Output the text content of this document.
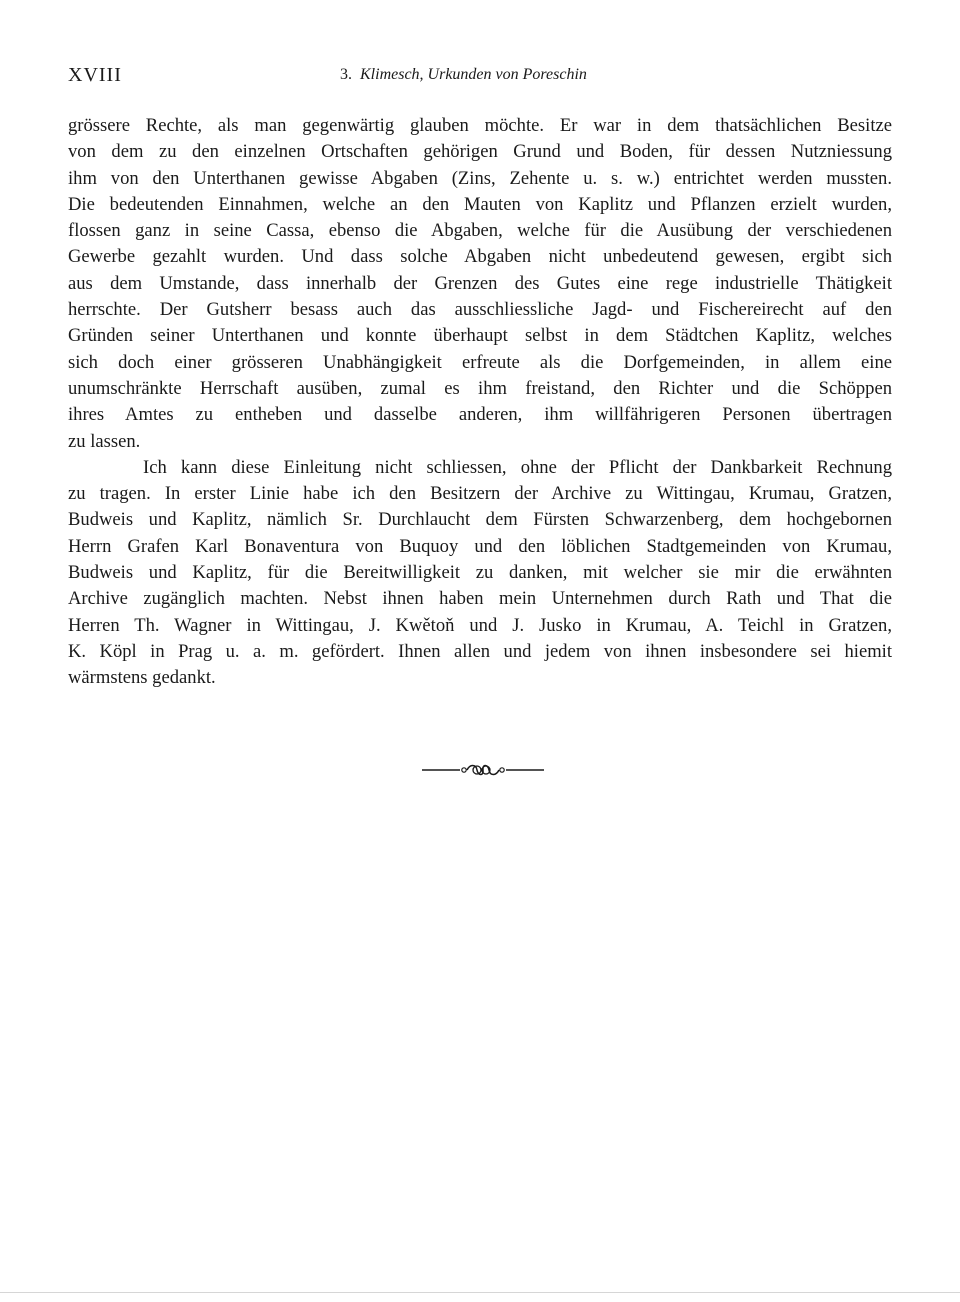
XVIII	3. Klimesch, Urkunden von Poreschin
grössere Rechte, als man gegenwärtig glauben möchte. Er war in dem thatsächlichen Besitze
von dem zu den einzelnen Ortschaften gehörigen Grund und Boden, für dessen Nutzniessung
ihm von den Unterthanen gewisse Abgaben (Zins, Zehente u. s. w.) entrichtet werden mussten.
Die bedeutenden Einnahmen, welche an den Mauten von Kaplitz und Pflanzen erzielt wurden,
flossen ganz in seine Cassa, ebenso die Abgaben, welche für die Ausübung der verschiedenen
Gewerbe gezahlt wurden. Und dass solche Abgaben nicht unbedeutend gewesen, ergibt sich
aus dem Umstande, dass innerhalb der Grenzen des Gutes eine rege industrielle Thätigkeit
herrschte. Der Gutsherr besass auch das ausschliessliche Jagd- und Fischereirecht auf den
Gründen seiner Unterthanen und konnte überhaupt selbst in dem Städtchen Kaplitz, welches
sich doch einer grösseren Unabhängigkeit erfreute als die Dorfgemeinden, in allem eine
unumschränkte Herrschaft ausüben, zumal es ihm freistand, den Richter und die Schöppen
ihres Amtes zu entheben und dasselbe anderen, ihm willfährigeren Personen übertragen
zu lassen.
Ich kann diese Einleitung nicht schliessen, ohne der Pflicht der Dankbarkeit Rechnung
zu tragen. In erster Linie habe ich den Besitzern der Archive zu Wittingau, Krumau, Gratzen,
Budweis und Kaplitz, nämlich Sr. Durchlaucht dem Fürsten Schwarzenberg, dem hochgebornen
Herrn Grafen Karl Bonaventura von Buquoy und den löblichen Stadtgemeinden von Krumau,
Budweis und Kaplitz, für die Bereitwilligkeit zu danken, mit welcher sie mir die erwähnten
Archive zugänglich machten. Nebst ihnen haben mein Unternehmen durch Rath und That die
Herren Th. Wagner in Wittingau, J. Kwětoň und J. Jusko in Krumau, A. Teichl in Gratzen,
K. Köpl in Prag u. a. m. gefördert. Ihnen allen und jedem von ihnen insbesondere sei hiemit
wärmstens gedankt.
